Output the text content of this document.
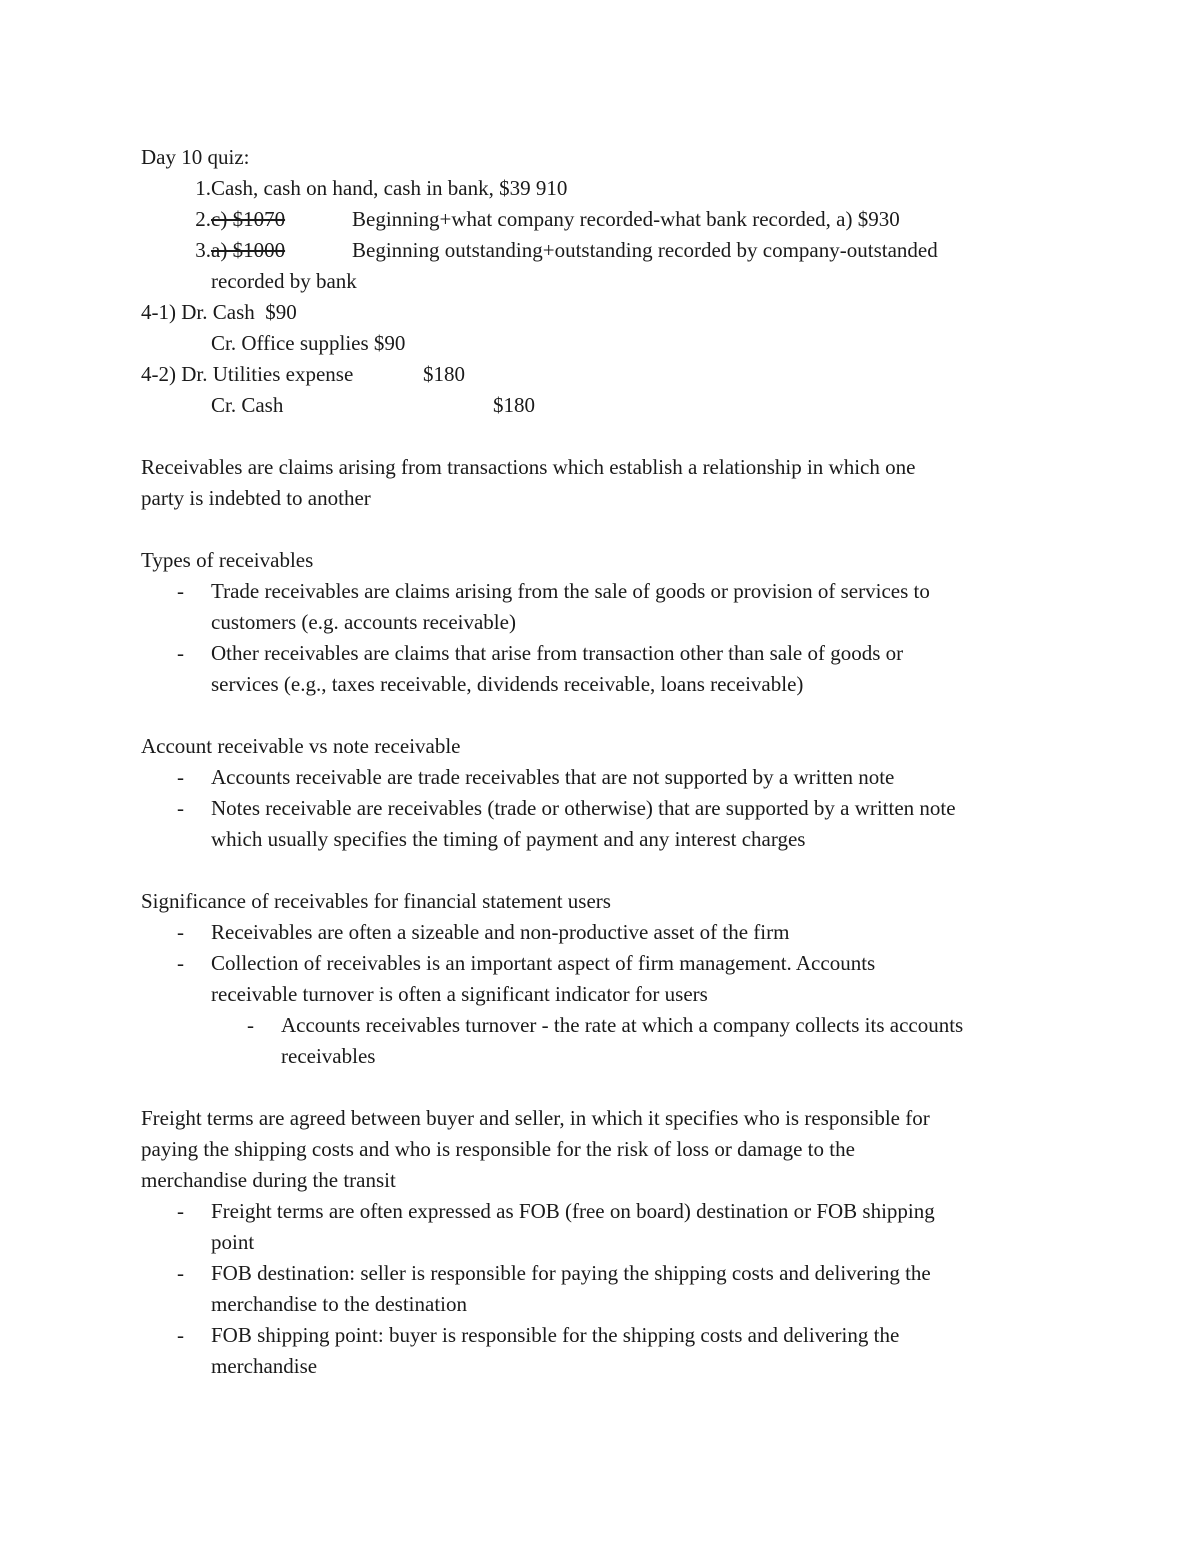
Day 10 quiz:
1.Cash, cash on hand, cash in bank, $39 910
2.c) $1070	Beginning+what company recorded-what bank recorded, a) $930
3.a) $1000	Beginning outstanding+outstanding recorded by company-outstanded
recorded by bank
4-1) Dr. Cash $90
Cr. Office supplies $90
4-2) Dr. Utilities expense	$180
Cr. Cash	$180
Receivables are claims arising from transactions which establish a relationship in which one
party is indebted to another
Types of receivables
- Trade receivables are claims arising from the sale of goods or provision of services to
customers (e.g. accounts receivable)
- Other receivables are claims that arise from transaction other than sale of goods or
services (e.g., taxes receivable, dividends receivable, loans receivable)
Account receivable vs note receivable
- Accounts receivable are trade receivables that are not supported by a written note
- Notes receivable are receivables (trade or otherwise) that are supported by a written note
which usually specifies the timing of payment and any interest charges
Significance of receivables for financial statement users
- Receivables are often a sizeable and non-productive asset of the firm
- Collection of receivables is an important aspect of firm management. Accounts
receivable turnover is often a significant indicator for users
- Accounts receivables turnover - the rate at which a company collects its accounts
receivables
Freight terms are agreed between buyer and seller, in which it specifies who is responsible for
paying the shipping costs and who is responsible for the risk of loss or damage to the
merchandise during the transit
- Freight terms are often expressed as FOB (free on board) destination or FOB shipping
point
- FOB destination: seller is responsible for paying the shipping costs and delivering the
merchandise to the destination
- FOB shipping point: buyer is responsible for the shipping costs and delivering the
merchandise
